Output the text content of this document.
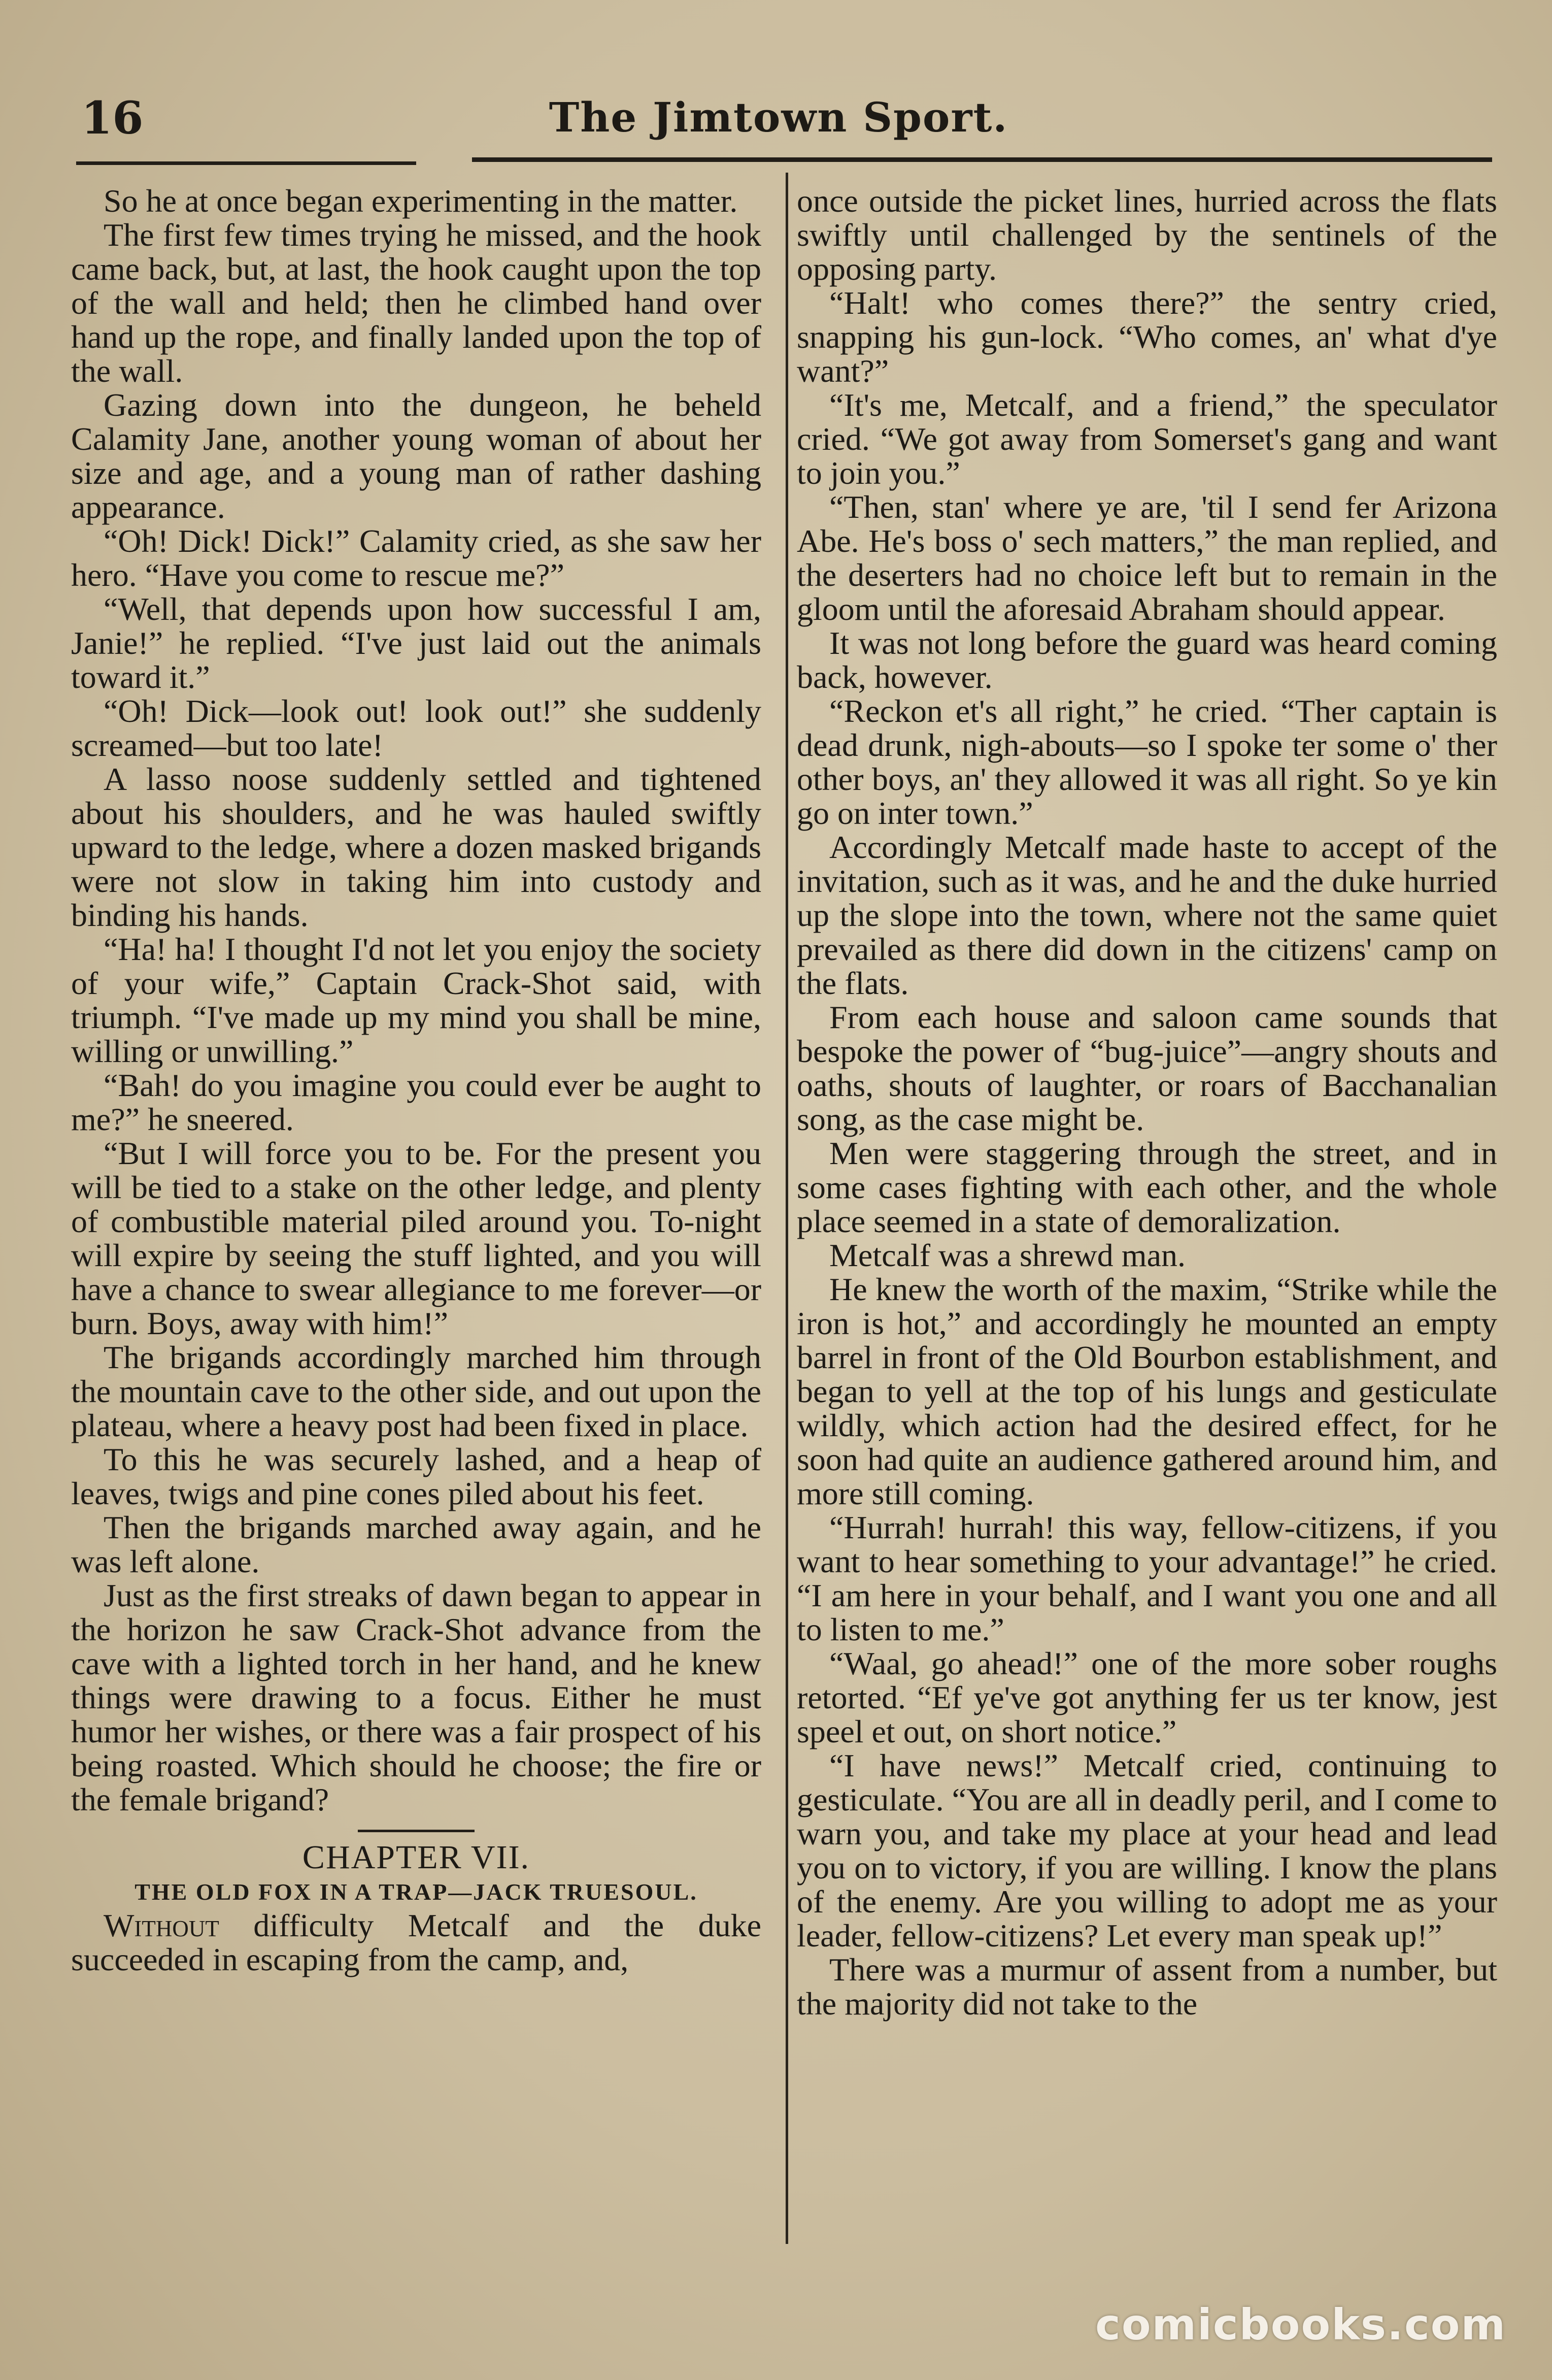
16	The Jimtown Sport.

So he at once began experimenting in the matter.

The first few times trying he missed, and the hook came back, but, at last, the hook caught upon the top of the wall and held; then he climbed hand over hand up the rope, and finally landed upon the top of the wall.

Gazing down into the dungeon, he beheld Calamity Jane, another young woman of about her size and age, and a young man of rather dashing appearance.

“Oh! Dick! Dick!” Calamity cried, as she saw her hero. “Have you come to rescue me?”

“Well, that depends upon how successful I am, Janie!” he replied. “I've just laid out the animals toward it.”

“Oh! Dick—look out! look out!” she suddenly screamed—but too late!

A lasso noose suddenly settled and tightened about his shoulders, and he was hauled swiftly upward to the ledge, where a dozen masked brigands were not slow in taking him into custody and binding his hands.

“Ha! ha! I thought I'd not let you enjoy the society of your wife,” Captain Crack-Shot said, with triumph. “I've made up my mind you shall be mine, willing or unwilling.”

“Bah! do you imagine you could ever be aught to me?” he sneered.

“But I will force you to be. For the present you will be tied to a stake on the other ledge, and plenty of combustible material piled around you. To-night will expire by seeing the stuff lighted, and you will have a chance to swear allegiance to me forever—or burn. Boys, away with him!”

The brigands accordingly marched him through the mountain cave to the other side, and out upon the plateau, where a heavy post had been fixed in place.

To this he was securely lashed, and a heap of leaves, twigs and pine cones piled about his feet.

Then the brigands marched away again, and he was left alone.

Just as the first streaks of dawn began to appear in the horizon he saw Crack-Shot advance from the cave with a lighted torch in her hand, and he knew things were drawing to a focus. Either he must humor her wishes, or there was a fair prospect of his being roasted. Which should he choose; the fire or the female brigand?

CHAPTER VII.
THE OLD FOX IN A TRAP—JACK TRUESOUL.

Without difficulty Metcalf and the duke succeeded in escaping from the camp, and,

once outside the picket lines, hurried across the flats swiftly until challenged by the sentinels of the opposing party.

“Halt! who comes there?” the sentry cried, snapping his gun-lock. “Who comes, an' what d'ye want?”

“It's me, Metcalf, and a friend,” the speculator cried. “We got away from Somerset's gang and want to join you.”

“Then, stan' where ye are, 'til I send fer Arizona Abe. He's boss o' sech matters,” the man replied, and the deserters had no choice left but to remain in the gloom until the aforesaid Abraham should appear.

It was not long before the guard was heard coming back, however.

“Reckon et's all right,” he cried. “Ther captain is dead drunk, nigh-abouts—so I spoke ter some o' ther other boys, an' they allowed it was all right. So ye kin go on inter town.”

Accordingly Metcalf made haste to accept of the invitation, such as it was, and he and the duke hurried up the slope into the town, where not the same quiet prevailed as there did down in the citizens' camp on the flats.

From each house and saloon came sounds that bespoke the power of “bug-juice”—angry shouts and oaths, shouts of laughter, or roars of Bacchanalian song, as the case might be.

Men were staggering through the street, and in some cases fighting with each other, and the whole place seemed in a state of demoralization.

Metcalf was a shrewd man.

He knew the worth of the maxim, “Strike while the iron is hot,” and accordingly he mounted an empty barrel in front of the Old Bourbon establishment, and began to yell at the top of his lungs and gesticulate wildly, which action had the desired effect, for he soon had quite an audience gathered around him, and more still coming.

“Hurrah! hurrah! this way, fellow-citizens, if you want to hear something to your advantage!” he cried. “I am here in your behalf, and I want you one and all to listen to me.”

“Waal, go ahead!” one of the more sober roughs retorted. “Ef ye've got anything fer us ter know, jest speel et out, on short notice.”

“I have news!” Metcalf cried, continuing to gesticulate. “You are all in deadly peril, and I come to warn you, and take my place at your head and lead you on to victory, if you are willing. I know the plans of the enemy. Are you willing to adopt me as your leader, fellow-citizens? Let every man speak up!”

There was a murmur of assent from a number, but the majority did not take to the

comicbooks.com
